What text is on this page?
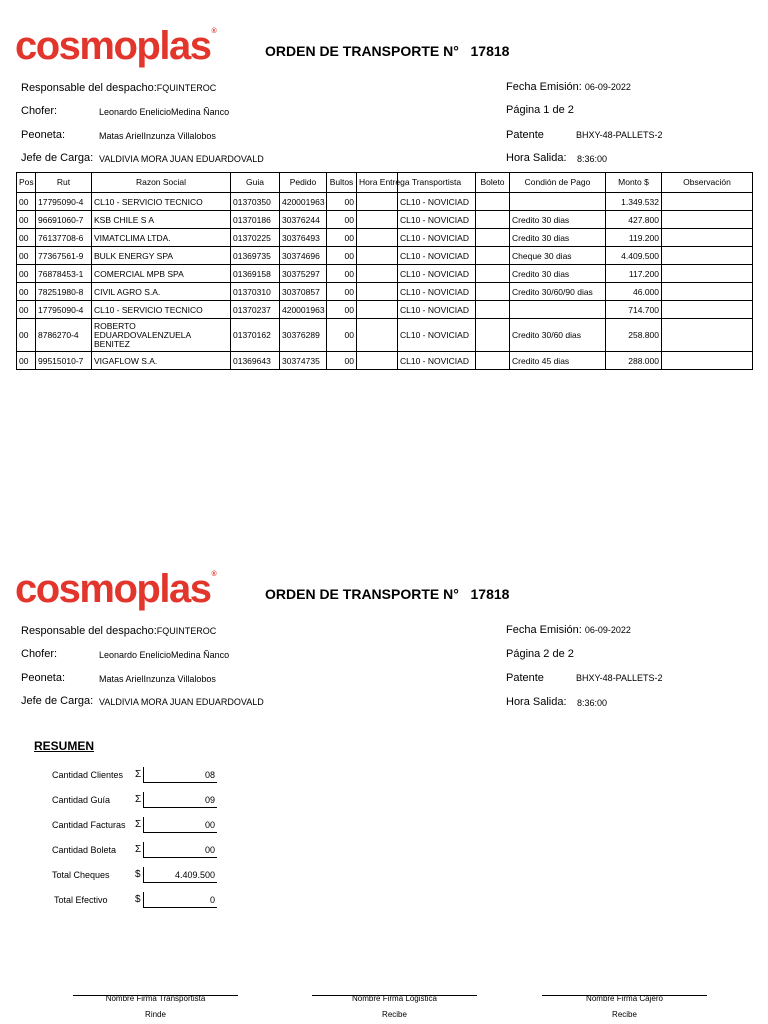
cosmoplas®
ORDEN DE TRANSPORTE N° 17818
Responsable del despacho:FQUINTEROC
Chofer:	Leonardo EnelicioMedina Ñanco
Peoneta:	Matas ArielInzunza Villalobos
Jefe de Carga: VALDIVIA MORA JUAN EDUARDOVALD
Fecha Emisión: 06-09-2022
Página 1 de 2
Patente	BHXY-48-PALLETS-2
Hora Salida: 8:36:00
Pos	Rut	Razon Social	Guia	Pedido	Bultos	Hora Entrega	Transportista	Boleto	Condión de Pago	Monto $	Observación
00	17795090-4	CL10 - SERVICIO TECNICO	01370350	420001963	00		CL10 - NOVICIAD			1.349.532	
00	96691060-7	KSB CHILE S A	01370186	30376244	00		CL10 - NOVICIAD		Credito 30 dias	427.800	
00	76137708-6	VIMATCLIMA LTDA.	01370225	30376493	00		CL10 - NOVICIAD		Credito 30 dias	119.200	
00	77367561-9	BULK ENERGY SPA	01369735	30374696	00		CL10 - NOVICIAD		Cheque 30 dias	4.409.500	
00	76878453-1	COMERCIAL MPB SPA	01369158	30375297	00		CL10 - NOVICIAD		Credito 30 dias	117.200	
00	78251980-8	CIVIL AGRO S.A.	01370310	30370857	00		CL10 - NOVICIAD		Credito 30/60/90 dias	46.000	
00	17795090-4	CL10 - SERVICIO TECNICO	01370237	420001963	00		CL10 - NOVICIAD			714.700	
00	8786270-4	ROBERTO EDUARDOVALENZUELA BENITEZ	01370162	30376289	00		CL10 - NOVICIAD		Credito 30/60 dias	258.800	
00	99515010-7	VIGAFLOW S.A.	01369643	30374735	00		CL10 - NOVICIAD		Credito 45 dias	288.000	
cosmoplas®
ORDEN DE TRANSPORTE N° 17818
Responsable del despacho:FQUINTEROC
Chofer:	Leonardo EnelicioMedina Ñanco
Peoneta:	Matas ArielInzunza Villalobos
Jefe de Carga: VALDIVIA MORA JUAN EDUARDOVALD
Fecha Emisión: 06-09-2022
Página 2 de 2
Patente	BHXY-48-PALLETS-2
Hora Salida: 8:36:00
RESUMEN
Cantidad Clientes Σ	08
Cantidad Guía Σ	09
Cantidad Facturas Σ	00
Cantidad Boleta Σ	00
Total Cheques	$	4.409.500
Total Efectivo	$	0
Nombre Firma Transportista
Rinde
Nombre Firma Logistica
Recibe
Nombre Firma Cajero
Recibe
